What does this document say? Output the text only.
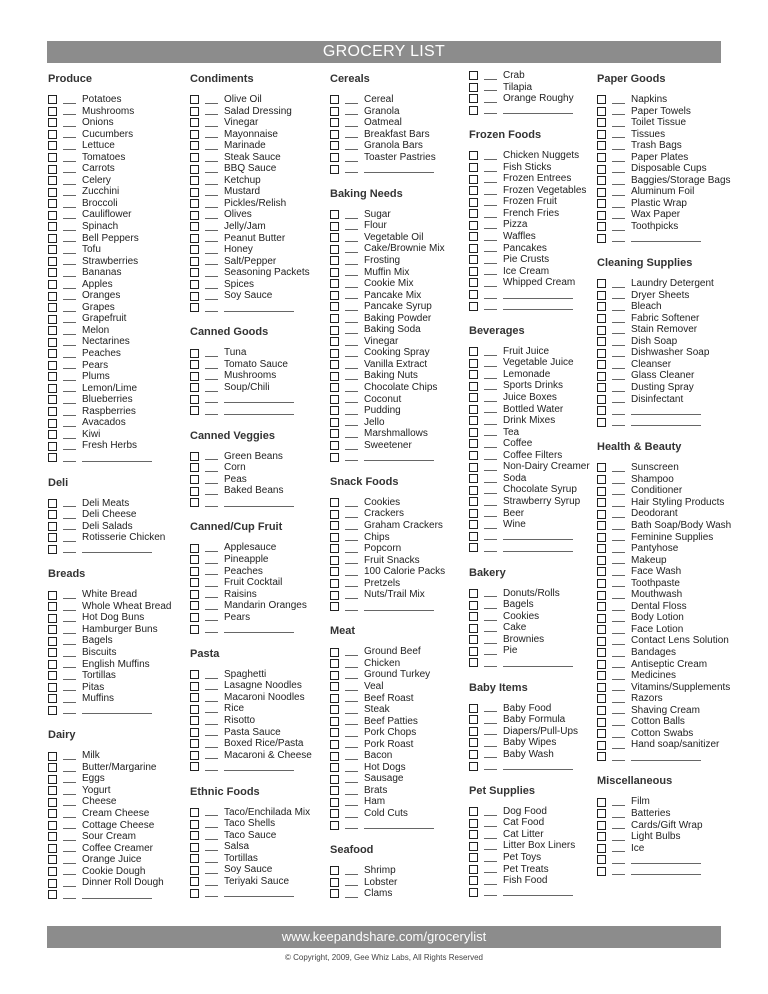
GROCERY LIST
Produce
Potatoes
Mushrooms
Onions
Cucumbers
Lettuce
Tomatoes
Carrots
Celery
Zucchini
Broccoli
Cauliflower
Spinach
Bell Peppers
Tofu
Strawberries
Bananas
Apples
Oranges
Grapes
Grapefruit
Melon
Nectarines
Peaches
Pears
Plums
Lemon/Lime
Blueberries
Raspberries
Avacados
Kiwi
Fresh Herbs
Deli
Deli Meats
Deli Cheese
Deli Salads
Rotisserie Chicken
Breads
White Bread
Whole Wheat Bread
Hot Dog Buns
Hamburger Buns
Bagels
Biscuits
English Muffins
Tortillas
Pitas
Muffins
Dairy
Milk
Butter/Margarine
Eggs
Yogurt
Cheese
Cream Cheese
Cottage Cheese
Sour Cream
Coffee Creamer
Orange Juice
Cookie Dough
Dinner Roll Dough
Condiments
Olive Oil
Salad Dressing
Vinegar
Mayonnaise
Marinade
Steak Sauce
BBQ Sauce
Ketchup
Mustard
Pickles/Relish
Olives
Jelly/Jam
Peanut Butter
Honey
Salt/Pepper
Seasoning Packets
Spices
Soy Sauce
Canned Goods
Tuna
Tomato Sauce
Mushrooms
Soup/Chili
Canned Veggies
Green Beans
Corn
Peas
Baked Beans
Canned/Cup Fruit
Applesauce
Pineapple
Peaches
Fruit Cocktail
Raisins
Mandarin Oranges
Pears
Pasta
Spaghetti
Lasagne Noodles
Macaroni Noodles
Rice
Risotto
Pasta Sauce
Boxed Rice/Pasta
Macaroni & Cheese
Ethnic Foods
Taco/Enchilada Mix
Taco Shells
Taco Sauce
Salsa
Tortillas
Soy Sauce
Teriyaki Sauce
Cereals
Cereal
Granola
Oatmeal
Breakfast Bars
Granola Bars
Toaster Pastries
Baking Needs
Sugar
Flour
Vegetable Oil
Cake/Brownie Mix
Frosting
Muffin Mix
Cookie Mix
Pancake Mix
Pancake Syrup
Baking Powder
Baking Soda
Vinegar
Cooking Spray
Vanilla Extract
Baking Nuts
Chocolate Chips
Coconut
Pudding
Jello
Marshmallows
Sweetener
Snack Foods
Cookies
Crackers
Graham Crackers
Chips
Popcorn
Fruit Snacks
100 Calorie Packs
Pretzels
Nuts/Trail Mix
Meat
Ground Beef
Chicken
Ground Turkey
Veal
Beef Roast
Steak
Beef Patties
Pork Chops
Pork Roast
Bacon
Hot Dogs
Sausage
Brats
Ham
Cold Cuts
Seafood
Shrimp
Lobster
Clams
Crab
Tilapia
Orange Roughy
Frozen Foods
Chicken Nuggets
Fish Sticks
Frozen Entrees
Frozen Vegetables
Frozen Fruit
French Fries
Pizza
Waffles
Pancakes
Pie Crusts
Ice Cream
Whipped Cream
Beverages
Fruit Juice
Vegetable Juice
Lemonade
Sports Drinks
Juice Boxes
Bottled Water
Drink Mixes
Tea
Coffee
Coffee Filters
Non-Dairy Creamer
Soda
Chocolate Syrup
Strawberry Syrup
Beer
Wine
Bakery
Donuts/Rolls
Bagels
Cookies
Cake
Brownies
Pie
Baby Items
Baby Food
Baby Formula
Diapers/Pull-Ups
Baby Wipes
Baby Wash
Pet Supplies
Dog Food
Cat Food
Cat Litter
Litter Box Liners
Pet Toys
Pet Treats
Fish Food
Paper Goods
Napkins
Paper Towels
Toilet Tissue
Tissues
Trash Bags
Paper Plates
Disposable Cups
Baggies/Storage Bags
Aluminum Foil
Plastic Wrap
Wax Paper
Toothpicks
Cleaning Supplies
Laundry Detergent
Dryer Sheets
Bleach
Fabric Softener
Stain Remover
Dish Soap
Dishwasher Soap
Cleanser
Glass Cleaner
Dusting Spray
Disinfectant
Health & Beauty
Sunscreen
Shampoo
Conditioner
Hair Styling Products
Deodorant
Bath Soap/Body Wash
Feminine Supplies
Pantyhose
Makeup
Face Wash
Toothpaste
Mouthwash
Dental Floss
Body Lotion
Face Lotion
Contact Lens Solution
Bandages
Antiseptic Cream
Medicines
Vitamins/Supplements
Razors
Shaving Cream
Cotton Balls
Cotton Swabs
Hand soap/sanitizer
Miscellaneous
Film
Batteries
Cards/Gift Wrap
Light Bulbs
Ice
www.keepandshare.com/grocerylist
© Copyright, 2009, Gee Whiz Labs, All Rights Reserved
